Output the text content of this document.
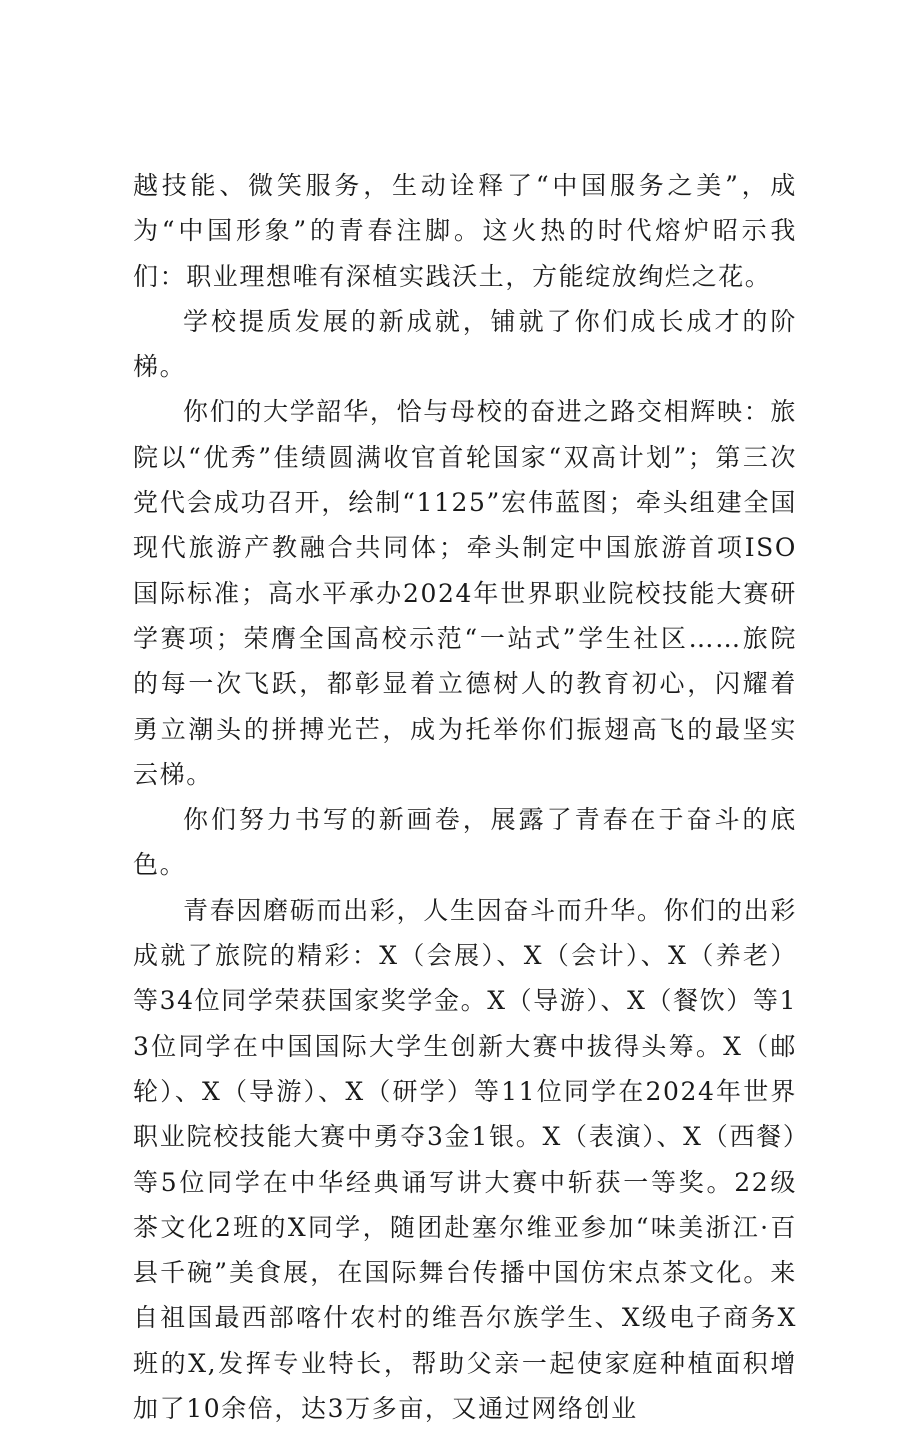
越技能、微笑服务，生动诠释了“中国服务之美”，成为“中国形象”的青春注脚。这火热的时代熔炉昭示我们：职业理想唯有深植实践沃土，方能绽放绚烂之花。

学校提质发展的新成就，铺就了你们成长成才的阶梯。

你们的大学韶华，恰与母校的奋进之路交相辉映：旅院以“优秀”佳绩圆满收官首轮国家“双高计划”；第三次党代会成功召开，绘制“1125”宏伟蓝图；牵头组建全国现代旅游产教融合共同体；牵头制定中国旅游首项ISO国际标准；高水平承办2024年世界职业院校技能大赛研学赛项；荣膺全国高校示范“一站式”学生社区……旅院的每一次飞跃，都彰显着立德树人的教育初心，闪耀着勇立潮头的拼搏光芒，成为托举你们振翅高飞的最坚实云梯。

你们努力书写的新画卷，展露了青春在于奋斗的底色。

青春因磨砺而出彩，人生因奋斗而升华。你们的出彩成就了旅院的精彩：X（会展）、X（会计）、X（养老）等34位同学荣获国家奖学金。X（导游）、X（餐饮）等13位同学在中国国际大学生创新大赛中拔得头筹。X（邮轮）、X（导游）、X（研学）等11位同学在2024年世界职业院校技能大赛中勇夺3金1银。X（表演）、X（西餐）等5位同学在中华经典诵写讲大赛中斩获一等奖。22级茶文化2班的X同学，随团赴塞尔维亚参加“味美浙江·百县千碗”美食展，在国际舞台传播中国仿宋点茶文化。来自祖国最西部喀什农村的维吾尔族学生、X级电子商务X班的X,发挥专业特长，帮助父亲一起使家庭种植面积增加了10余倍，达3万多亩，又通过网络创业
